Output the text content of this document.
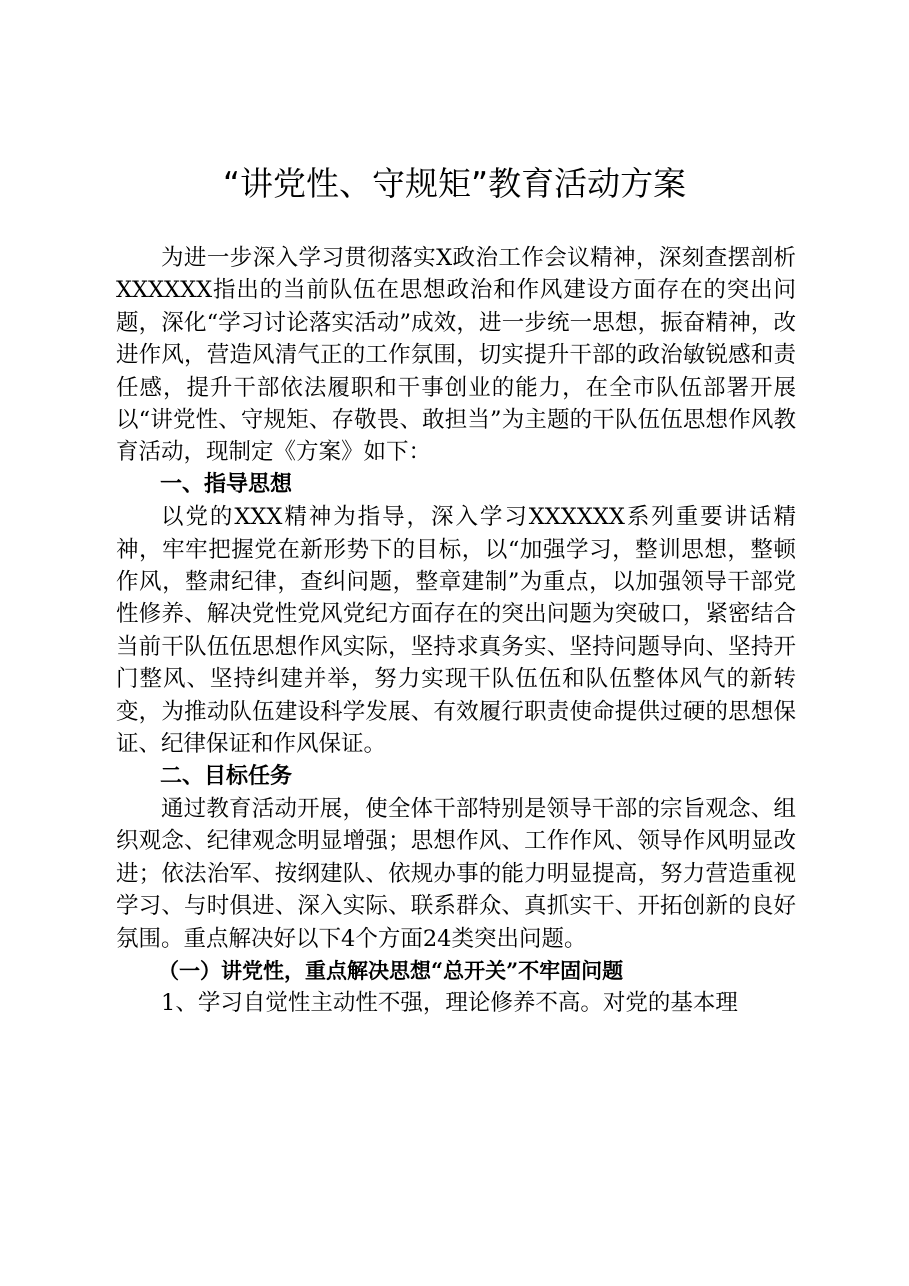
“讲党性、守规矩”教育活动方案

为进一步深入学习贯彻落实X政治工作会议精神，深刻查摆剖析XXXXXX指出的当前队伍在思想政治和作风建设方面存在的突出问题，深化“学习讨论落实活动”成效，进一步统一思想，振奋精神，改进作风，营造风清气正的工作氛围，切实提升干部的政治敏锐感和责任感，提升干部依法履职和干事创业的能力，在全市队伍部署开展以“讲党性、守规矩、存敬畏、敢担当”为主题的干队伍伍思想作风教育活动，现制定《方案》如下：

一、指导思想

以党的XXX精神为指导，深入学习XXXXXX系列重要讲话精神，牢牢把握党在新形势下的目标，以“加强学习，整训思想，整顿作风，整肃纪律，查纠问题，整章建制”为重点，以加强领导干部党性修养、解决党性党风党纪方面存在的突出问题为突破口，紧密结合当前干队伍伍思想作风实际，坚持求真务实、坚持问题导向、坚持开门整风、坚持纠建并举，努力实现干队伍伍和队伍整体风气的新转变，为推动队伍建设科学发展、有效履行职责使命提供过硬的思想保证、纪律保证和作风保证。

二、目标任务

通过教育活动开展，使全体干部特别是领导干部的宗旨观念、组织观念、纪律观念明显增强；思想作风、工作作风、领导作风明显改进；依法治军、按纲建队、依规办事的能力明显提高，努力营造重视学习、与时俱进、深入实际、联系群众、真抓实干、开拓创新的良好氛围。重点解决好以下4个方面24类突出问题。

（一）讲党性，重点解决思想“总开关”不牢固问题

1、学习自觉性主动性不强，理论修养不高。对党的基本理
